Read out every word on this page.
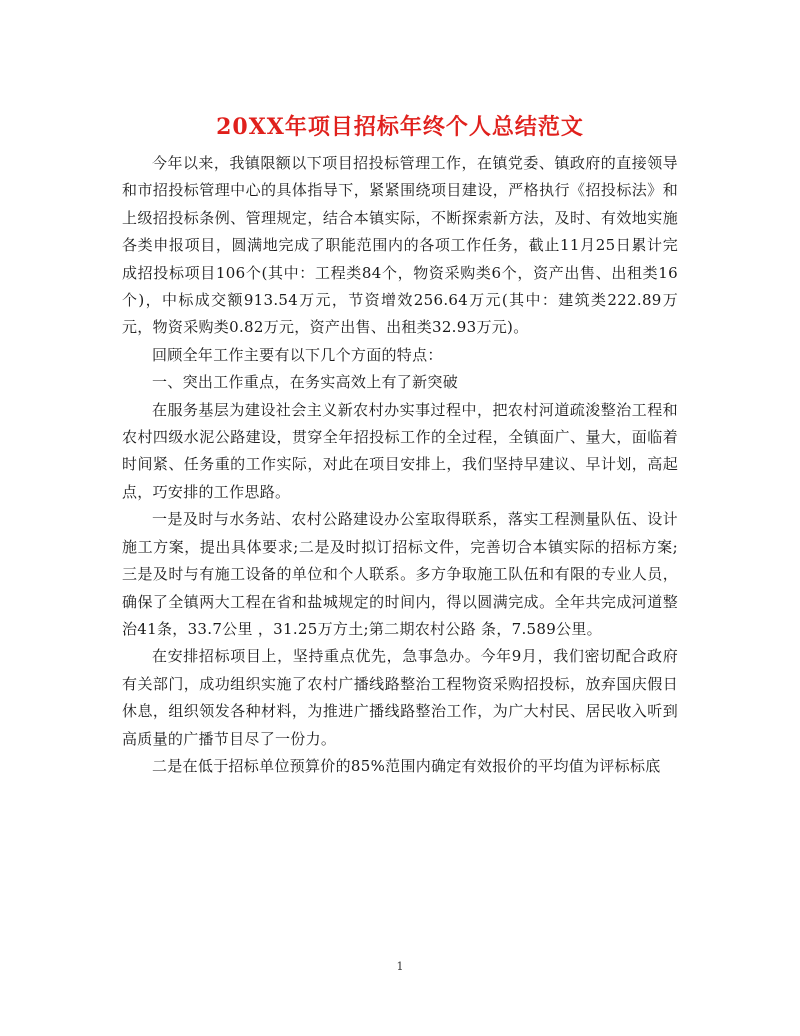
20XX年项目招标年终个人总结范文

今年以来，我镇限额以下项目招投标管理工作，在镇党委、镇政府的直接领导和市招投标管理中心的具体指导下，紧紧围绕项目建设，严格执行《招投标法》和上级招投标条例、管理规定，结合本镇实际，不断探索新方法，及时、有效地实施各类申报项目，圆满地完成了职能范围内的各项工作任务，截止11月25日累计完成招投标项目106个(其中：工程类84个，物资采购类6个，资产出售、出租类16个)，中标成交额913.54万元，节资增效256.64万元(其中：建筑类222.89万元，物资采购类0.82万元，资产出售、出租类32.93万元)。

回顾全年工作主要有以下几个方面的特点：

一、突出工作重点，在务实高效上有了新突破

在服务基层为建设社会主义新农村办实事过程中，把农村河道疏浚整治工程和农村四级水泥公路建设，贯穿全年招投标工作的全过程，全镇面广、量大，面临着时间紧、任务重的工作实际，对此在项目安排上，我们坚持早建议、早计划，高起点，巧安排的工作思路。

一是及时与水务站、农村公路建设办公室取得联系，落实工程测量队伍、设计施工方案，提出具体要求;二是及时拟订招标文件，完善切合本镇实际的招标方案;三是及时与有施工设备的单位和个人联系。多方争取施工队伍和有限的专业人员，确保了全镇两大工程在省和盐城规定的时间内，得以圆满完成。全年共完成河道整治41条，33.7公里 ，31.25万方土;第二期农村公路 条，7.589公里。

在安排招标项目上，坚持重点优先，急事急办。今年9月，我们密切配合政府有关部门，成功组织实施了农村广播线路整治工程物资采购招投标，放弃国庆假日休息，组织领发各种材料，为推进广播线路整治工作，为广大村民、居民收入听到高质量的广播节目尽了一份力。

二是在低于招标单位预算价的85%范围内确定有效报价的平均值为评标标底

1
